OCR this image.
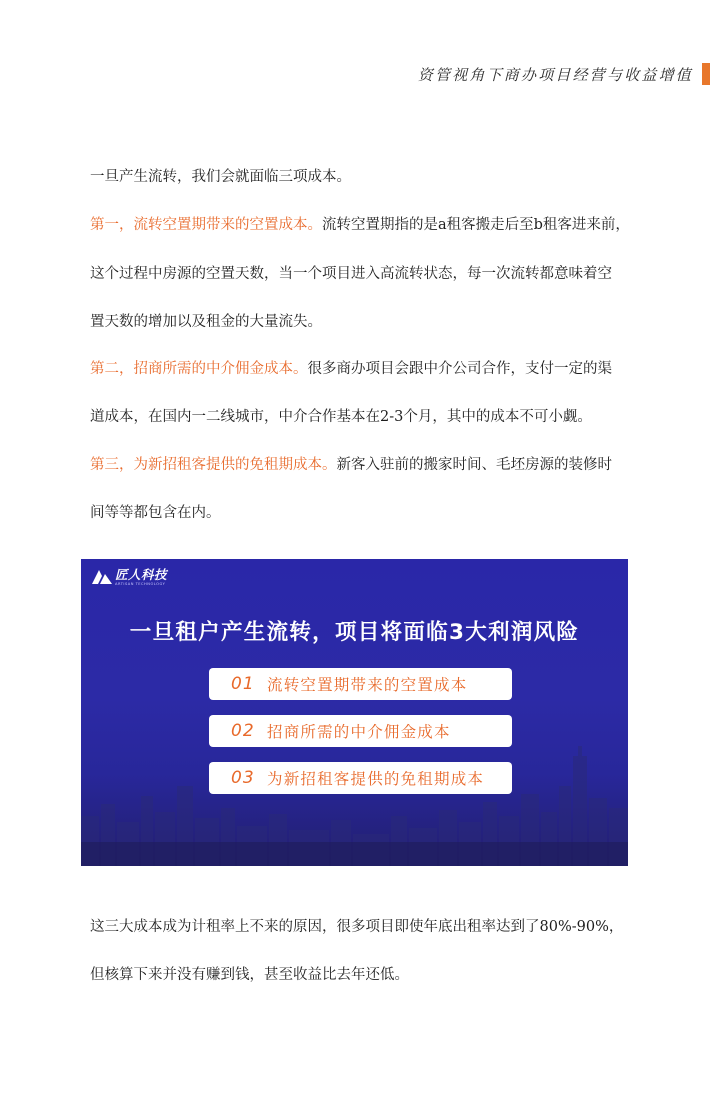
资管视角下商办项目经营与收益增值

一旦产生流转，我们会就面临三项成本。

第一，流转空置期带来的空置成本。流转空置期指的是a租客搬走后至b租客进来前，

这个过程中房源的空置天数，当一个项目进入高流转状态，每一次流转都意味着空

置天数的增加以及租金的大量流失。

第二，招商所需的中介佣金成本。很多商办项目会跟中介公司合作，支付一定的渠

道成本，在国内一二线城市，中介合作基本在2-3个月，其中的成本不可小觑。

第三，为新招租客提供的免租期成本。新客入驻前的搬家时间、毛坯房源的装修时

间等等都包含在内。

匠人科技
ARTISAN TECHNOLOGY
一旦租户产生流转，项目将面临3大利润风险
01 流转空置期带来的空置成本
02 招商所需的中介佣金成本
03 为新招租客提供的免租期成本

这三大成本成为计租率上不来的原因，很多项目即使年底出租率达到了80%-90%，

但核算下来并没有赚到钱，甚至收益比去年还低。
